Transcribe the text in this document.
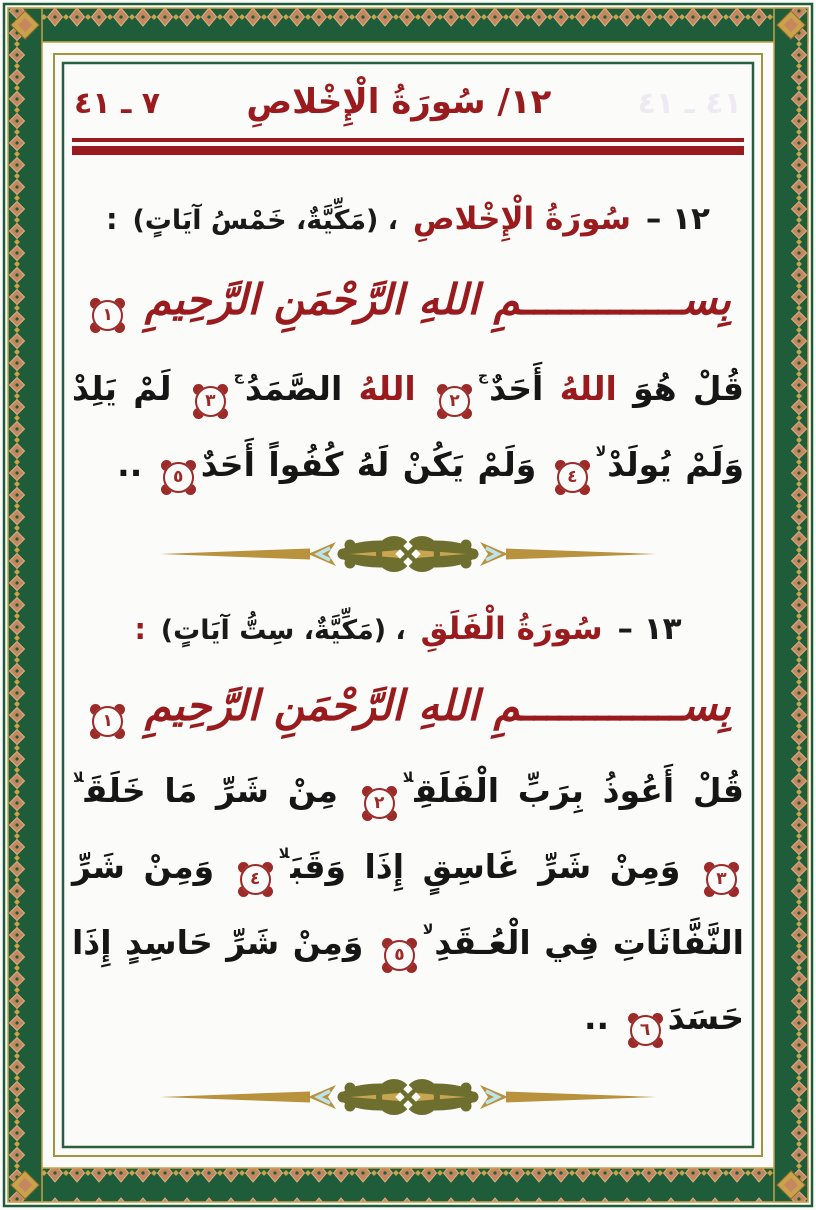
٧ ـ ٤١	١٢/ سُورَةُ الْإِخْلاصِ	٤١ ـ ٤١
١٢ – سُورَةُ الْإِخْلاصِ ، (مَكِّيَّةٌ، خَمْسُ آيَاتٍ) :
بِســـــــــــــمِ اللهِ الرَّحْمَنِ الرَّحِيمِ ١
قُلْ هُوَ اللهُ أَحَدٌ$^ج$٢ اللهُ الصَّمَدُ$^ج$٣ لَمْ يَلِدْ وَلَمْ يُولَدْ$^{لا}$٤ وَلَمْ يَكُنْ لَهُ كُفُواً أَحَدٌ٥ ..
١٣ – سُورَةُ الْفَلَقِ ، (مَكِّيَّةٌ، سِتُّ آيَاتٍ) :
بِســـــــــــــمِ اللهِ الرَّحْمَنِ الرَّحِيمِ ١
قُلْ أَعُوذُ بِرَبِّ الْفَلَقِ$^{لا}$٢ مِنْ شَرِّ مَا خَلَقَ$^{لا}$٣ وَمِنْ شَرِّ غَاسِقٍ إِذَا وَقَبَ$^{لا}$٤ وَمِنْ شَرِّ النَّفَّاثَاتِ فِي الْعُـقَدِ$^{لا}$٥ وَمِنْ شَرِّ حَاسِدٍ إِذَا حَسَدَ٦ ..
